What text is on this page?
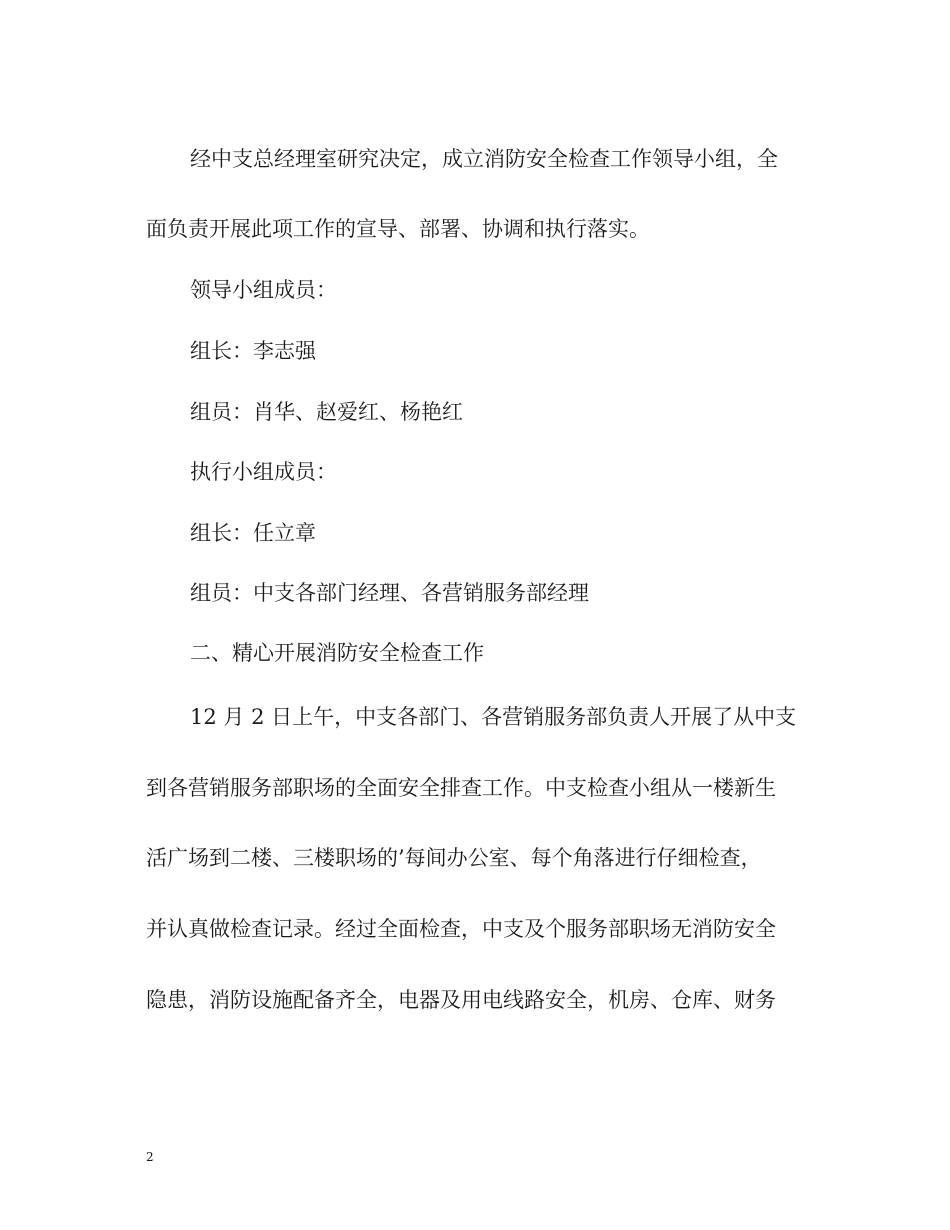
经中支总经理室研究决定，成立消防安全检查工作领导小组，全
面负责开展此项工作的宣导、部署、协调和执行落实。
领导小组成员：
组长：李志强
组员：肖华、赵爱红、杨艳红
执行小组成员：
组长：任立章
组员：中支各部门经理、各营销服务部经理
二、精心开展消防安全检查工作
12 月 2 日上午，中支各部门、各营销服务部负责人开展了从中支
到各营销服务部职场的全面安全排查工作。中支检查小组从一楼新生
活广场到二楼、三楼职场的’每间办公室、每个角落进行仔细检查，
并认真做检查记录。经过全面检查，中支及个服务部职场无消防安全
隐患，消防设施配备齐全，电器及用电线路安全，机房、仓库、财务
2
